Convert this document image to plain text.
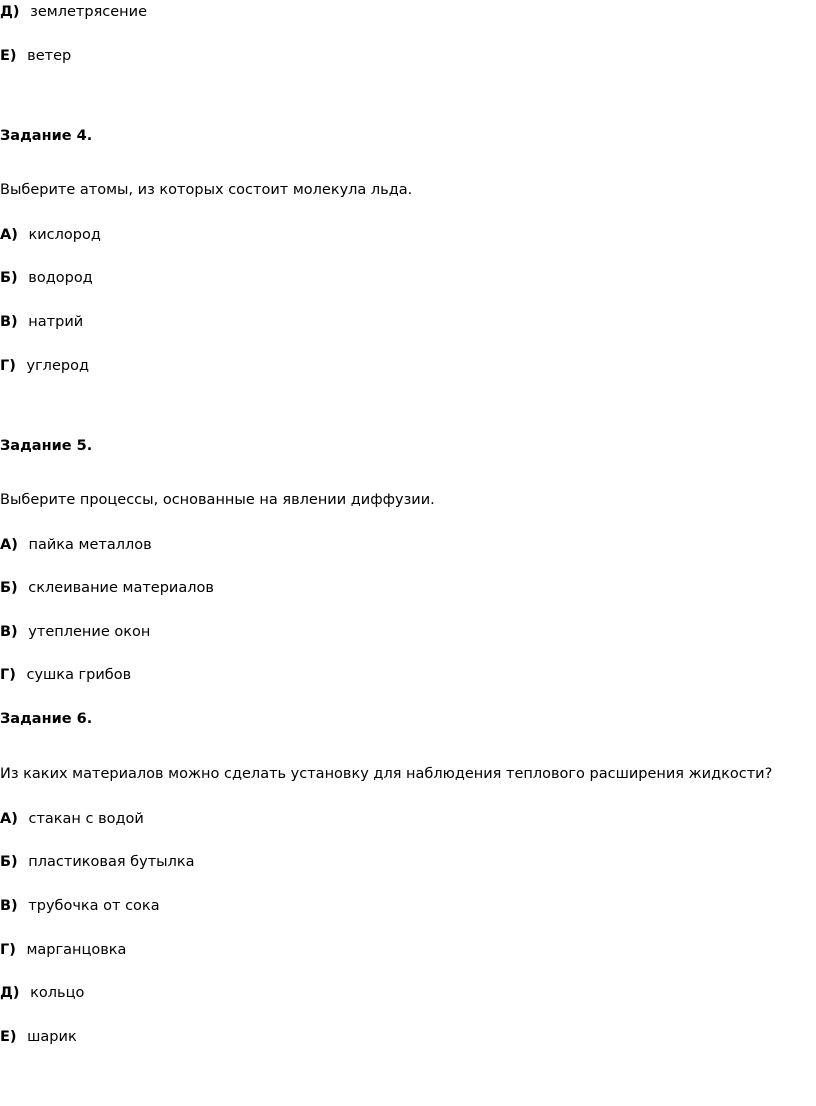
Д) землетрясение
Е) ветер
Задание 4.
Выберите атомы, из которых состоит молекула льда.
А) кислород
Б) водород
В) натрий
Г) углерод
Задание 5.
Выберите процессы, основанные на явлении диффузии.
А) пайка металлов
Б) склеивание материалов
В) утепление окон
Г) сушка грибов
Задание 6.
Из каких материалов можно сделать установку для наблюдения теплового расширения жидкости?
А) стакан с водой
Б) пластиковая бутылка
В) трубочка от сока
Г) марганцовка
Д) кольцо
Е) шарик
